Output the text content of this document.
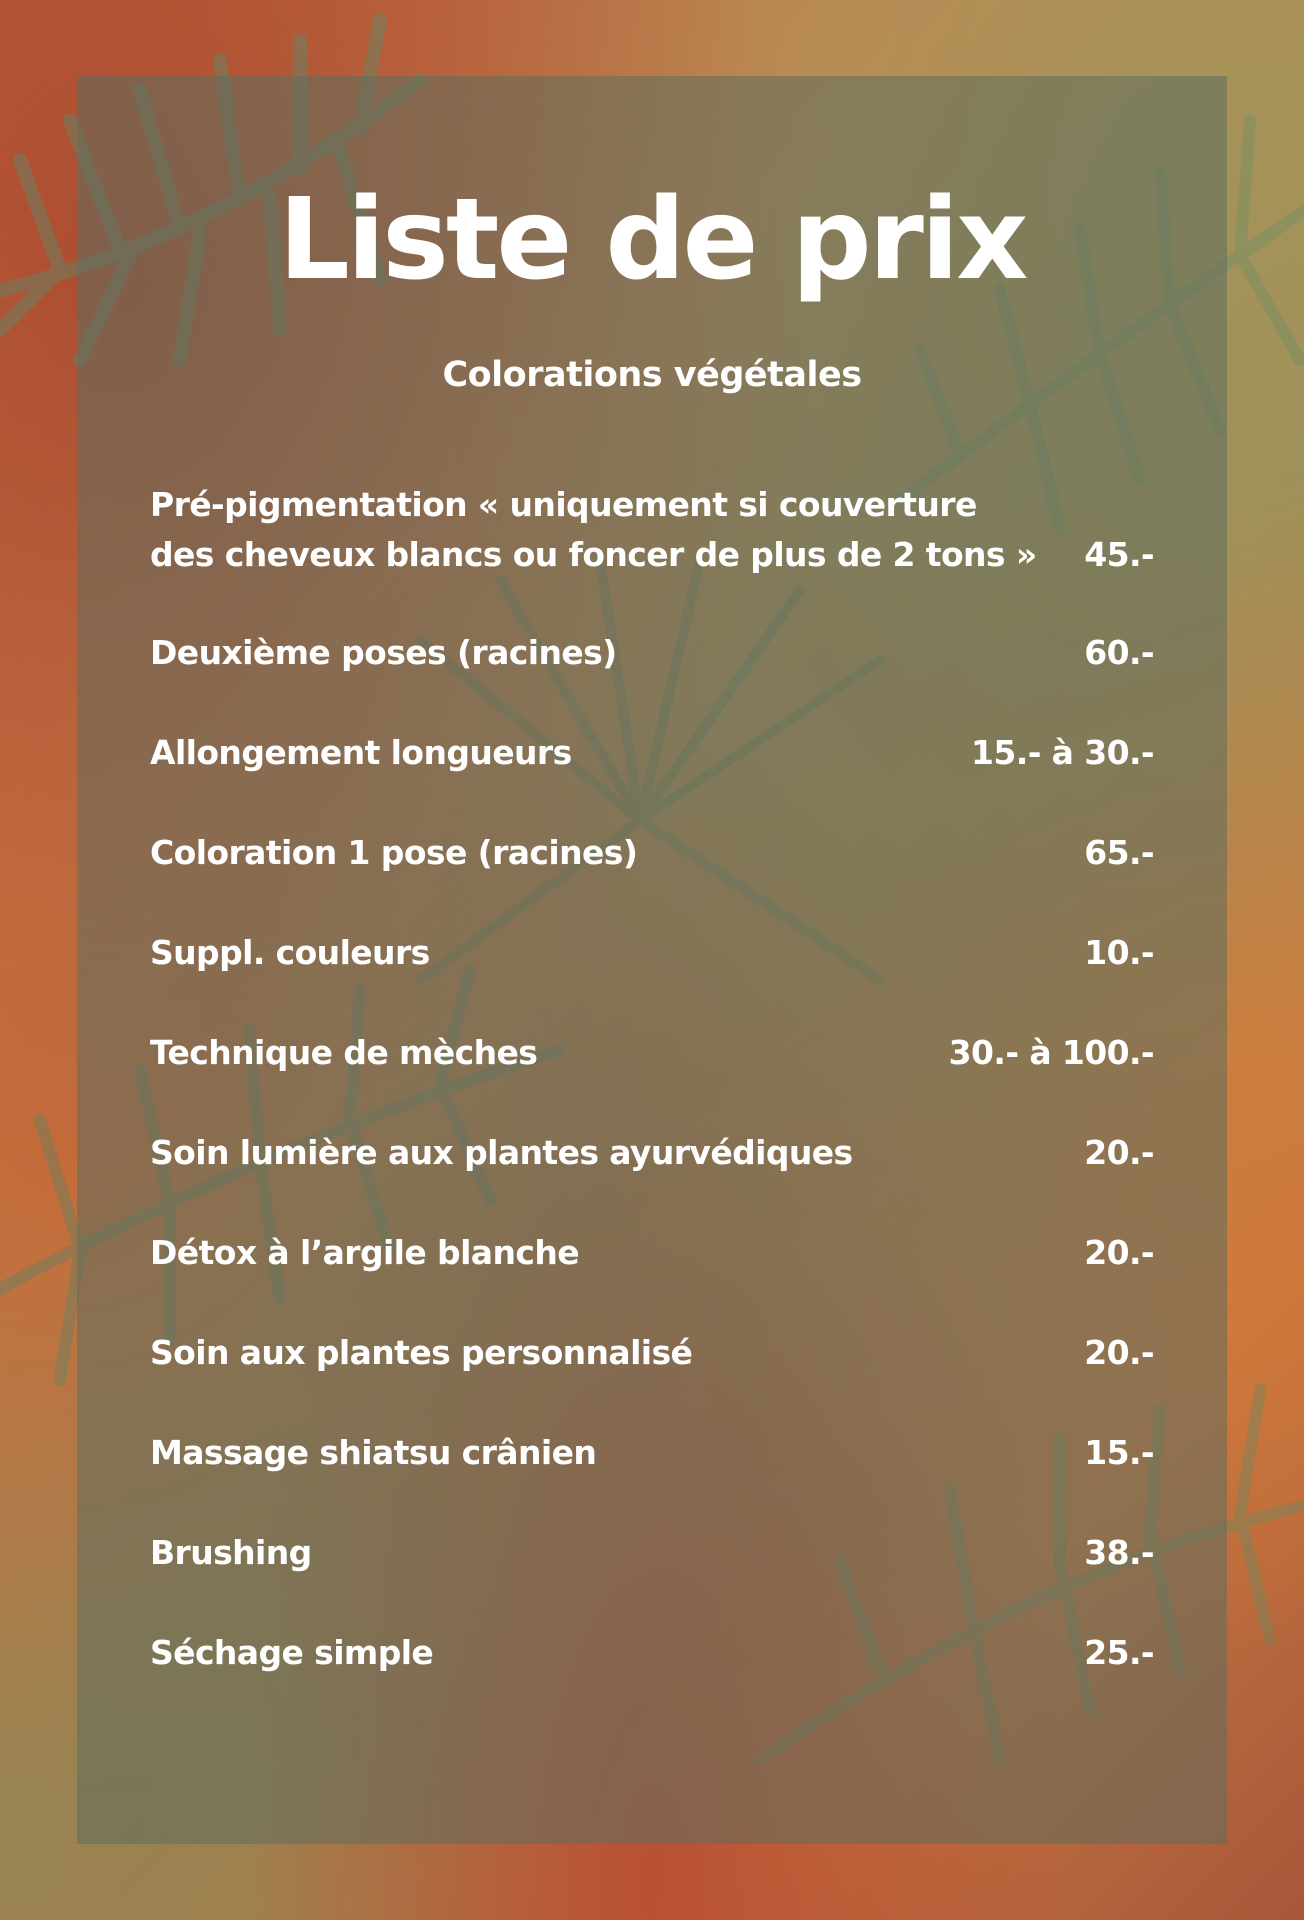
Liste de prix
Colorations végétales
Pré-pigmentation « uniquement si couverture
des cheveux blancs ou foncer de plus de 2 tons » 45.-
Deuxième poses (racines)	60.-
Allongement longueurs	15.- à 30.-
Coloration 1 pose (racines)	65.-
Suppl. couleurs	10.-
Technique de mèches	30.- à 100.-
Soin lumière aux plantes ayurvédiques	20.-
Détox à l’argile blanche	20.-
Soin aux plantes personnalisé	20.-
Massage shiatsu crânien	15.-
Brushing	38.-
Séchage simple	25.-
